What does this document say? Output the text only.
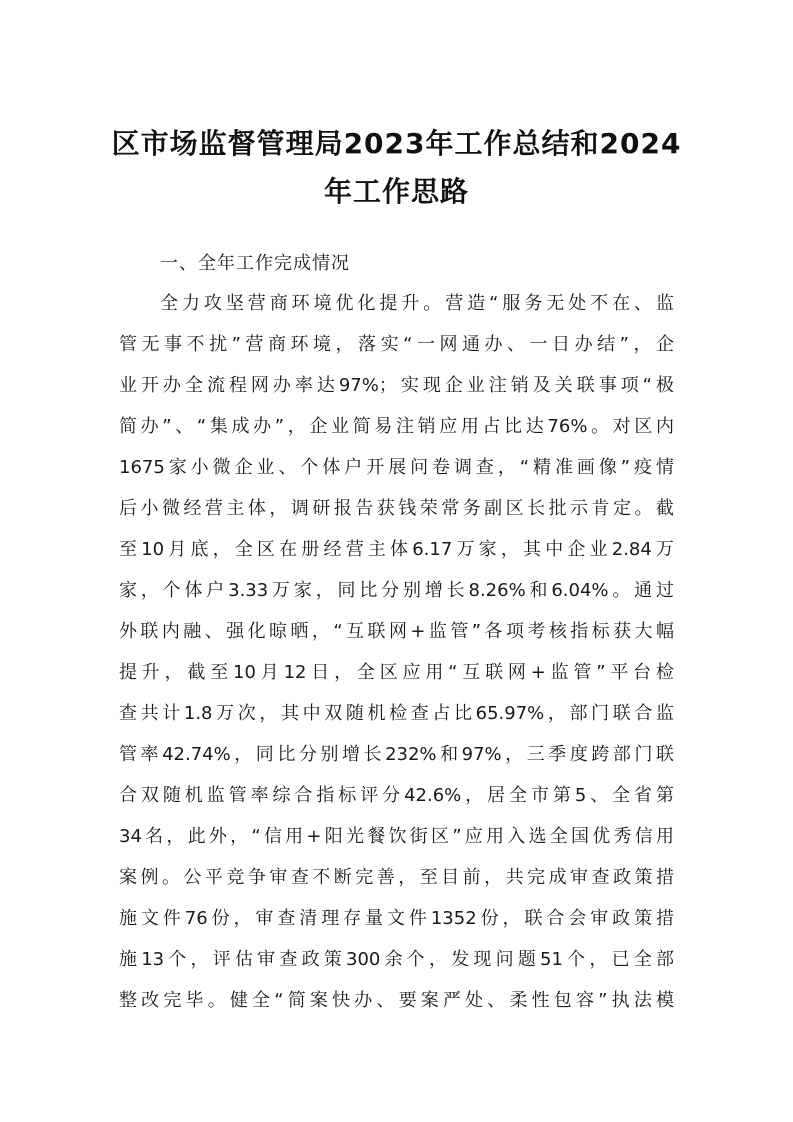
区市场监督管理局2023年工作总结和2024
年工作思路
一、全年工作完成情况
全力攻坚营商环境优化提升。营造“服务无处不在、监
管无事不扰”营商环境，落实“一网通办、一日办结”，企
业开办全流程网办率达97%；实现企业注销及关联事项“极
简办”、“集成办”，企业简易注销应用占比达76%。对区内
1675家小微企业、个体户开展问卷调查，“精准画像”疫情
后小微经营主体，调研报告获钱荣常务副区长批示肯定。截
至10月底，全区在册经营主体6.17万家，其中企业2.84万
家，个体户3.33万家，同比分别增长8.26%和6.04%。通过
外联内融、强化晾晒，“互联网+监管”各项考核指标获大幅
提升，截至10月12日，全区应用“互联网+监管”平台检
查共计1.8万次，其中双随机检查占比65.97%，部门联合监
管率42.74%，同比分别增长232%和97%，三季度跨部门联
合双随机监管率综合指标评分42.6%，居全市第5、全省第
34名，此外，“信用+阳光餐饮街区”应用入选全国优秀信用
案例。公平竞争审查不断完善，至目前，共完成审查政策措
施文件76份，审查清理存量文件1352份，联合会审政策措
施13个，评估审查政策300余个，发现问题51个，已全部
整改完毕。健全“简案快办、要案严处、柔性包容”执法模
